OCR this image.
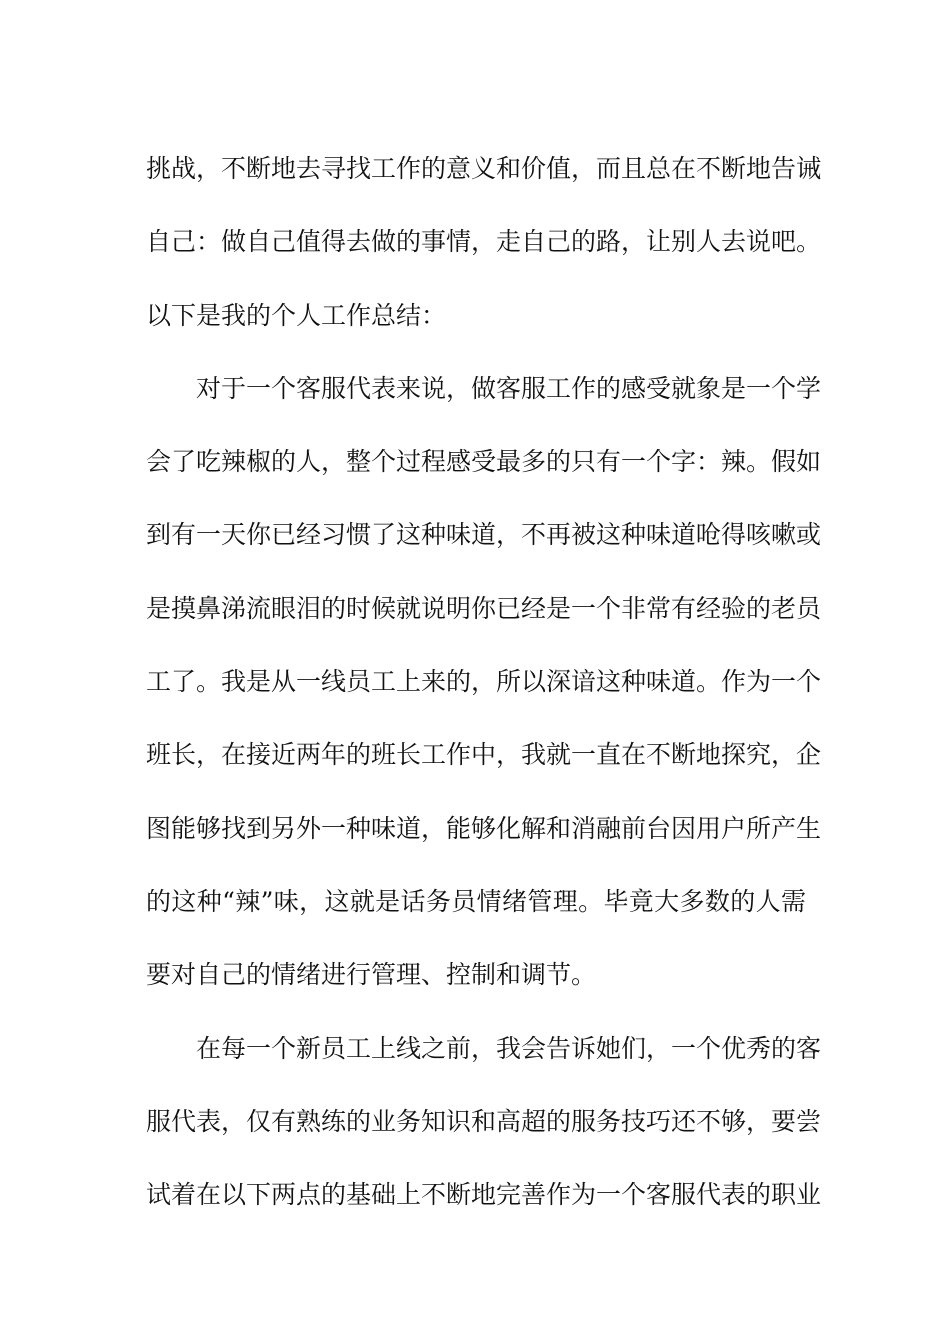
挑战，不断地去寻找工作的意义和价值，而且总在不断地告诫
自己：做自己值得去做的事情，走自己的路，让别人去说吧。
以下是我的个人工作总结：
对于一个客服代表来说，做客服工作的感受就象是一个学
会了吃辣椒的人，整个过程感受最多的只有一个字：辣。假如
到有一天你已经习惯了这种味道，不再被这种味道呛得咳嗽或
是摸鼻涕流眼泪的时候就说明你已经是一个非常有经验的老员
工了。我是从一线员工上来的，所以深谙这种味道。作为一个
班长，在接近两年的班长工作中，我就一直在不断地探究，企
图能够找到另外一种味道，能够化解和消融前台因用户所产生
的这种“辣”味，这就是话务员情绪管理。毕竟大多数的人需
要对自己的情绪进行管理、控制和调节。
在每一个新员工上线之前，我会告诉她们，一个优秀的客
服代表，仅有熟练的业务知识和高超的服务技巧还不够，要尝
试着在以下两点的基础上不断地完善作为一个客服代表的职业
